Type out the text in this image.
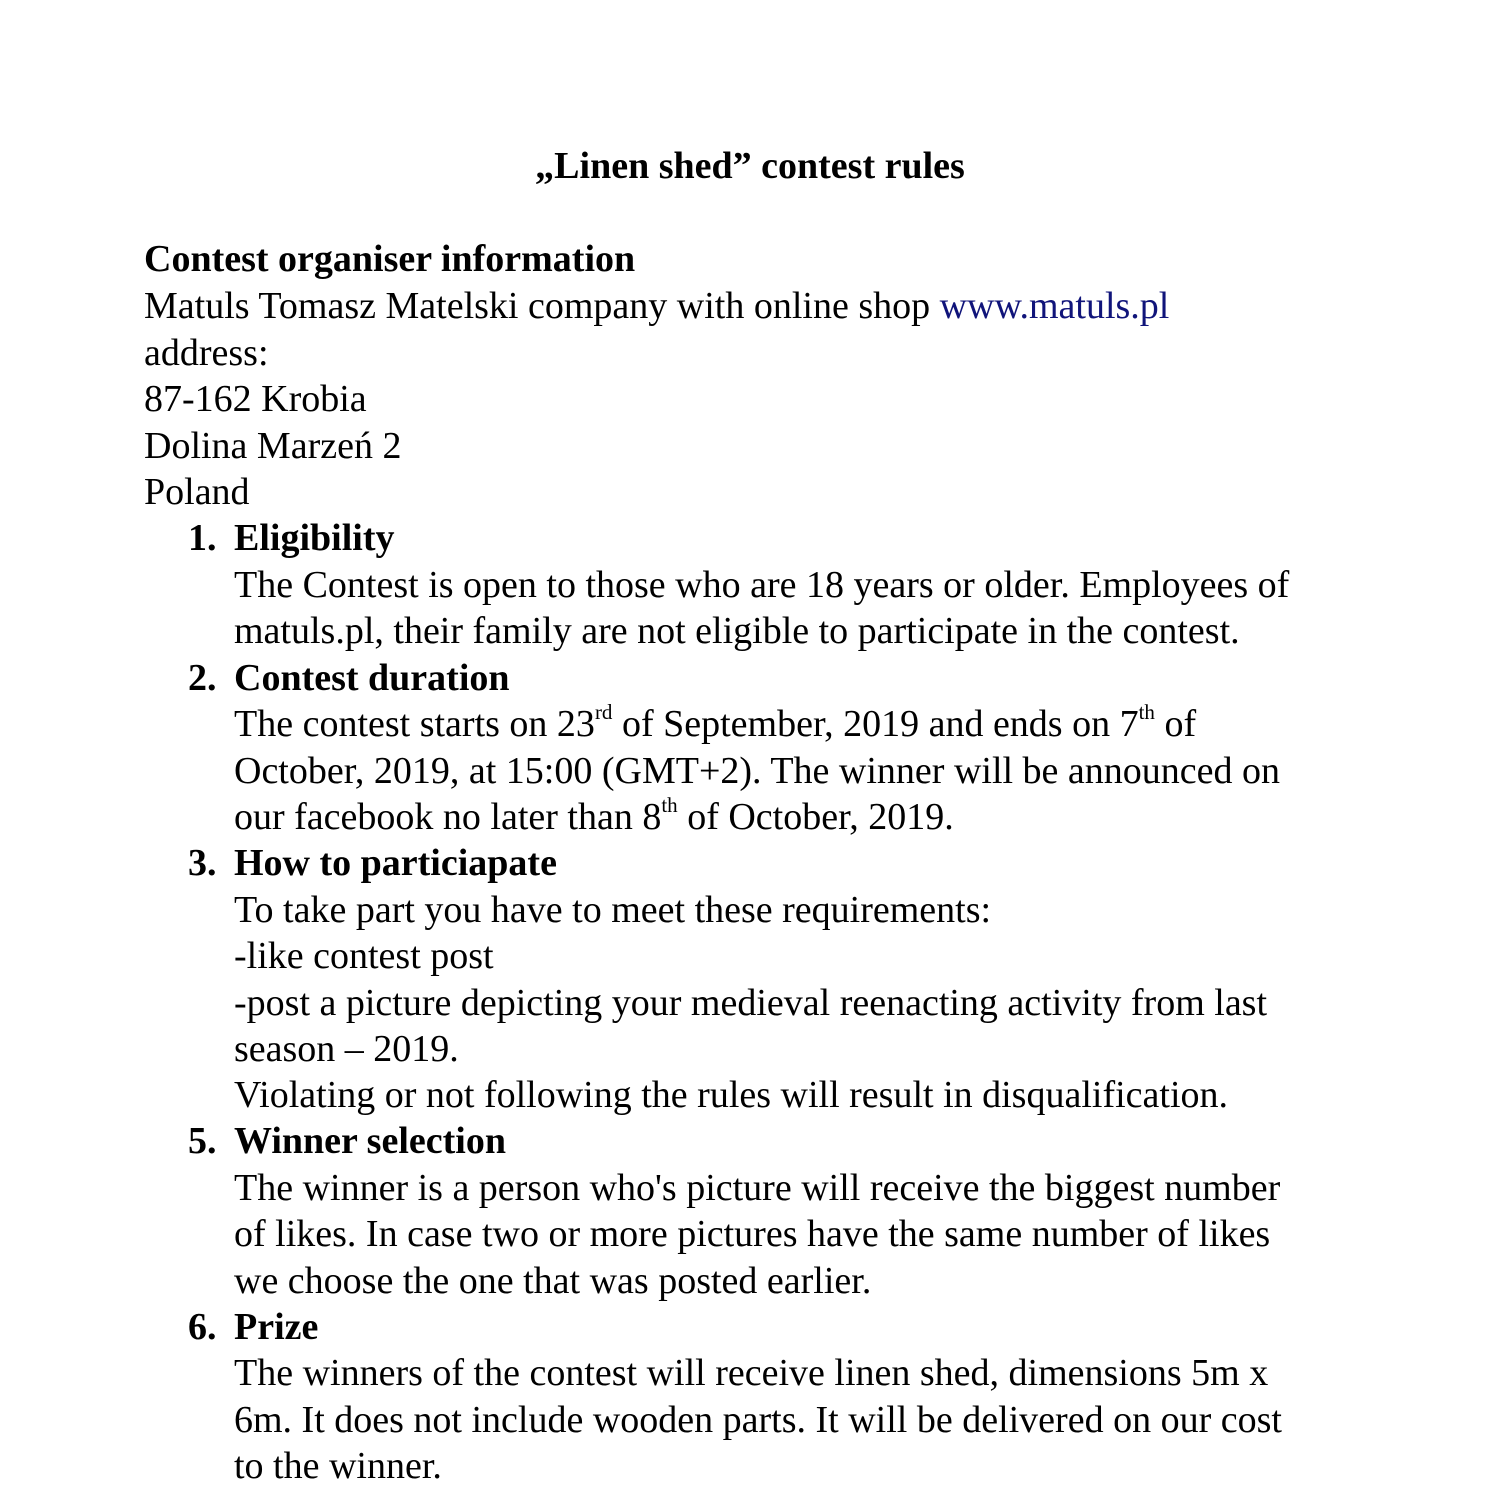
„Linen shed” contest rules
Contest organiser information
Matuls Tomasz Matelski company with online shop www.matuls.pl
address:
87-162 Krobia
Dolina Marzeń 2
Poland
1. Eligibility
The Contest is open to those who are 18 years or older. Employees of
matuls.pl, their family are not eligible to participate in the contest.
2. Contest duration
The contest starts on 23rd of September, 2019 and ends on 7th of
October, 2019, at 15:00 (GMT+2). The winner will be announced on
our facebook no later than 8th of October, 2019.
3. How to particiapate
To take part you have to meet these requirements:
-like contest post
-post a picture depicting your medieval reenacting activity from last
season – 2019.
Violating or not following the rules will result in disqualification.
5. Winner selection
The winner is a person who's picture will receive the biggest number
of likes. In case two or more pictures have the same number of likes
we choose the one that was posted earlier.
6. Prize
The winners of the contest will receive linen shed, dimensions 5m x
6m. It does not include wooden parts. It will be delivered on our cost
to the winner.
